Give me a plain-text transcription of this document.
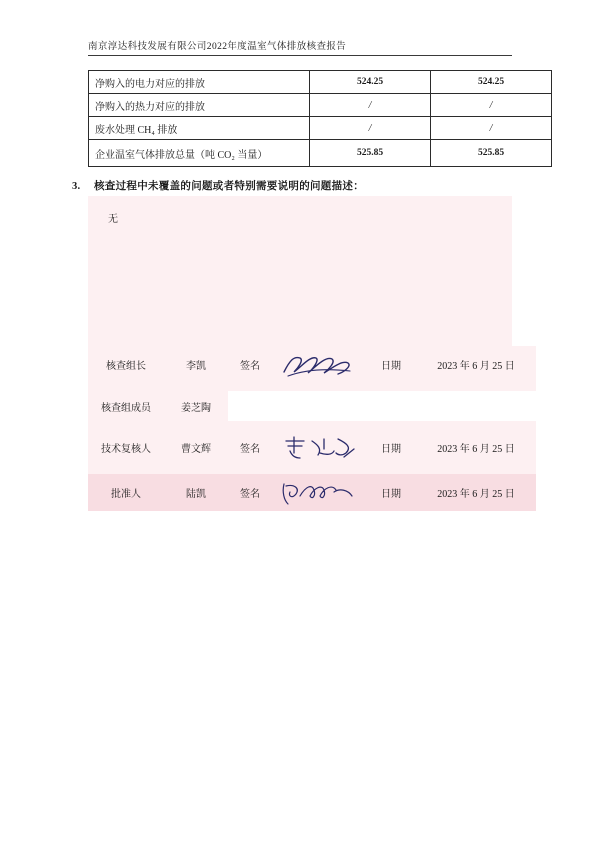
南京淳达科技发展有限公司2022年度温室气体排放核查报告
净购入的电力对应的排放	524.25	524.25
净购入的热力对应的排放	/	/
废水处理 CH₄ 排放	/	/
企业温室气体排放总量（吨 CO₂ 当量）	525.85	525.85
3. 核查过程中未覆盖的问题或者特别需要说明的问题描述：
无
核查组长	李凯	签名		日期	2023 年 6 月 25 日

核查组成员	姜芝陶				

技术复核人	曹文辉	签名		日期	2023 年 6 月 25 日

批准人	陆凯	签名		日期	2023 年 6 月 25 日
